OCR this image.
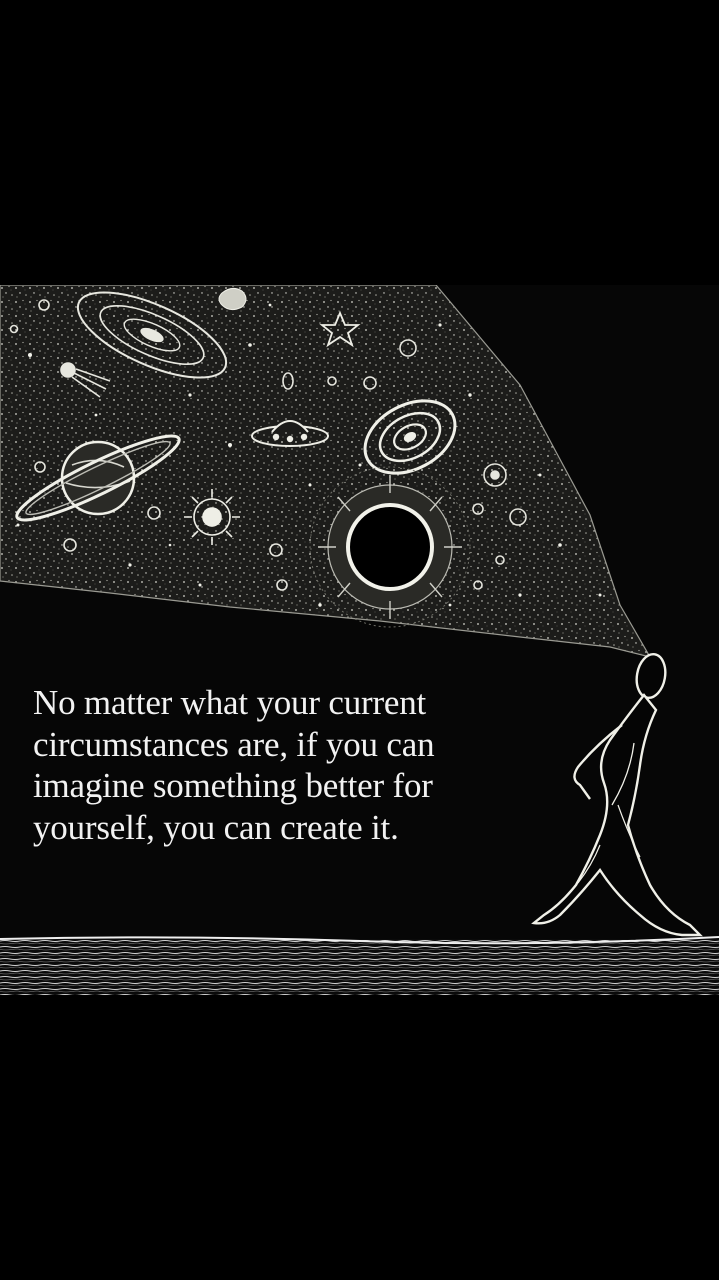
No matter what your current
circumstances are, if you can
imagine something better for
yourself, you can create it.
